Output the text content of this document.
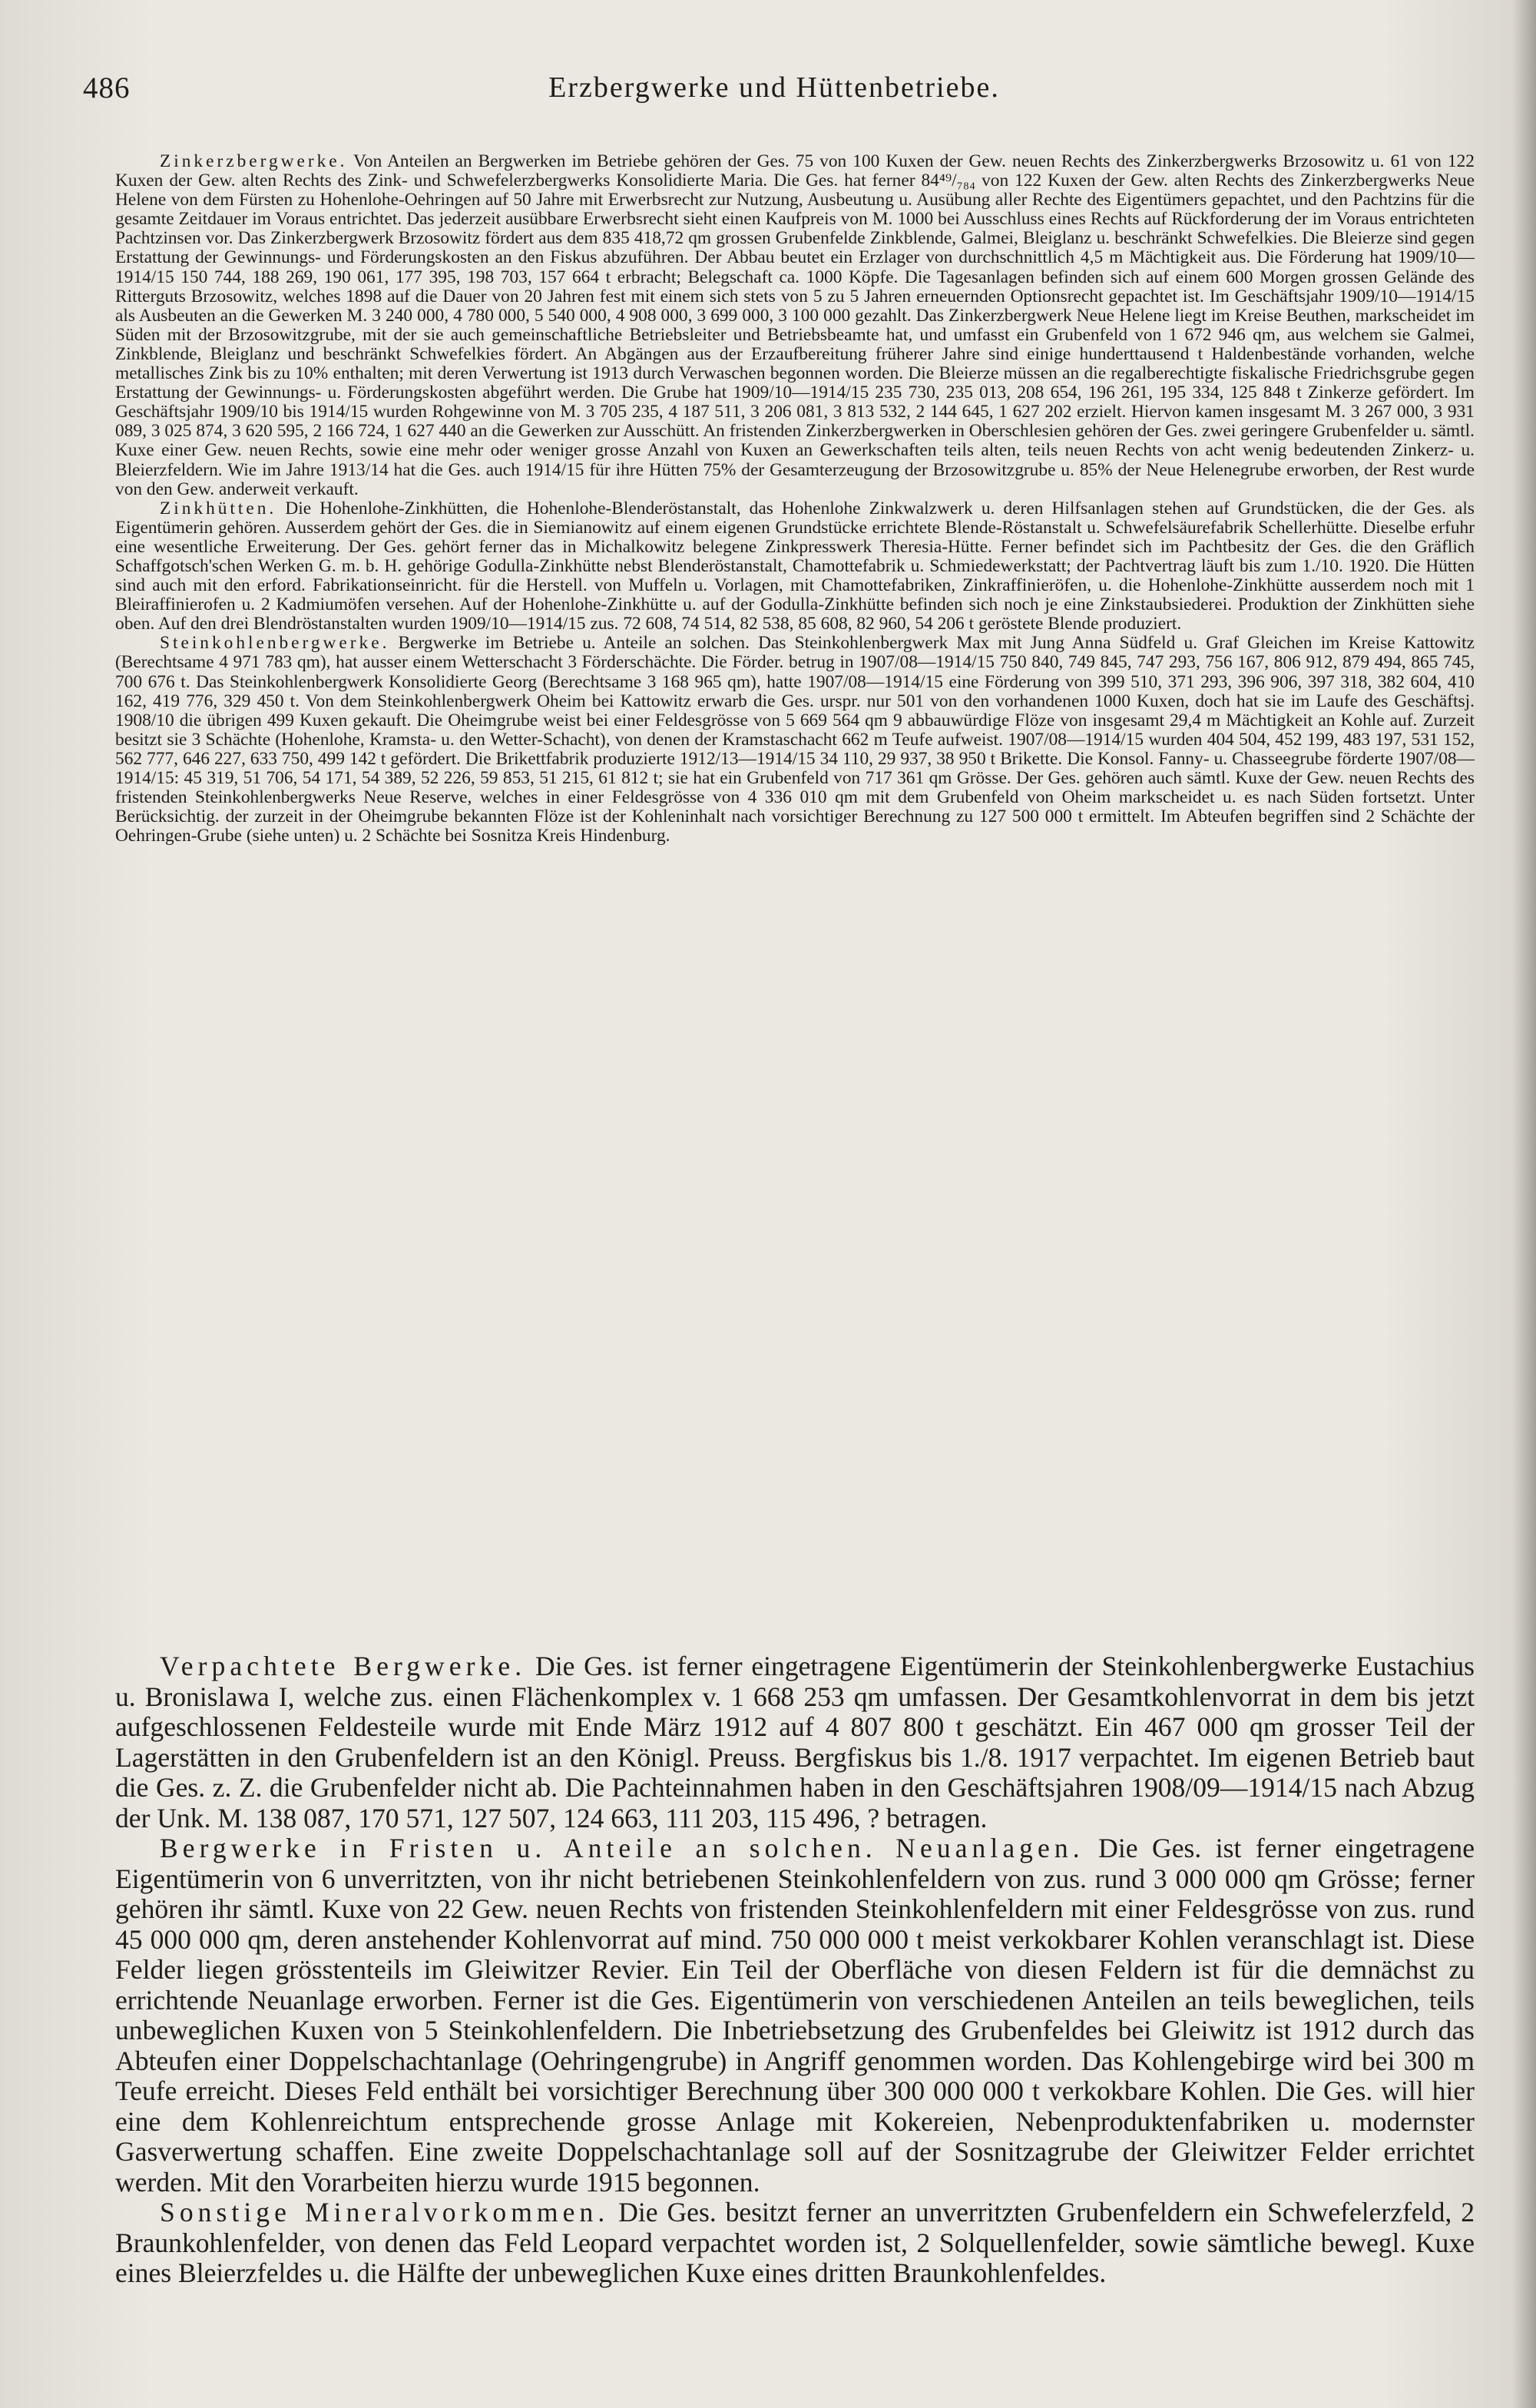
486	Erzbergwerke und Hüttenbetriebe.

Zinkerzbergwerke. Von Anteilen an Bergwerken im Betriebe gehören der Ges. 75 von 100 Kuxen der Gew. neuen Rechts des Zinkerzbergwerks Brzosowitz u. 61 von 122 Kuxen der Gew. alten Rechts des Zink- und Schwefelerzbergwerks Konsolidierte Maria. Die Ges. hat ferner 84⁴⁹/₇₈₄ von 122 Kuxen der Gew. alten Rechts des Zinkerzbergwerks Neue Helene von dem Fürsten zu Hohenlohe-Oehringen auf 50 Jahre mit Erwerbsrecht zur Nutzung, Ausbeutung u. Ausübung aller Rechte des Eigentümers gepachtet, und den Pachtzins für die gesamte Zeitdauer im Voraus entrichtet. Das jederzeit ausübbare Erwerbsrecht sieht einen Kaufpreis von M. 1000 bei Ausschluss eines Rechts auf Rückforderung der im Voraus entrichteten Pachtzinsen vor. Das Zinkerzbergwerk Brzosowitz fördert aus dem 835 418,72 qm grossen Grubenfelde Zinkblende, Galmei, Bleiglanz u. beschränkt Schwefelkies. Die Bleierze sind gegen Erstattung der Gewinnungs- und Förderungskosten an den Fiskus abzuführen. Der Abbau beutet ein Erzlager von durchschnittlich 4,5 m Mächtigkeit aus. Die Förderung hat 1909/10—1914/15 150 744, 188 269, 190 061, 177 395, 198 703, 157 664 t erbracht; Belegschaft ca. 1000 Köpfe. Die Tagesanlagen befinden sich auf einem 600 Morgen grossen Gelände des Ritterguts Brzosowitz, welches 1898 auf die Dauer von 20 Jahren fest mit einem sich stets von 5 zu 5 Jahren erneuernden Optionsrecht gepachtet ist. Im Geschäftsjahr 1909/10—1914/15 als Ausbeuten an die Gewerken M. 3 240 000, 4 780 000, 5 540 000, 4 908 000, 3 699 000, 3 100 000 gezahlt. Das Zinkerzbergwerk Neue Helene liegt im Kreise Beuthen, markscheidet im Süden mit der Brzosowitzgrube, mit der sie auch gemeinschaftliche Betriebsleiter und Betriebsbeamte hat, und umfasst ein Grubenfeld von 1 672 946 qm, aus welchem sie Galmei, Zinkblende, Bleiglanz und beschränkt Schwefelkies fördert. An Abgängen aus der Erzaufbereitung früherer Jahre sind einige hunderttausend t Haldenbestände vorhanden, welche metallisches Zink bis zu 10% enthalten; mit deren Verwertung ist 1913 durch Verwaschen begonnen worden. Die Bleierze müssen an die regalberechtigte fiskalische Friedrichsgrube gegen Erstattung der Gewinnungs- u. Förderungskosten abgeführt werden. Die Grube hat 1909/10—1914/15 235 730, 235 013, 208 654, 196 261, 195 334, 125 848 t Zinkerze gefördert. Im Geschäftsjahr 1909/10 bis 1914/15 wurden Rohgewinne von M. 3 705 235, 4 187 511, 3 206 081, 3 813 532, 2 144 645, 1 627 202 erzielt. Hiervon kamen insgesamt M. 3 267 000, 3 931 089, 3 025 874, 3 620 595, 2 166 724, 1 627 440 an die Gewerken zur Ausschütt. An fristenden Zinkerzbergwerken in Oberschlesien gehören der Ges. zwei geringere Grubenfelder u. sämtl. Kuxe einer Gew. neuen Rechts, sowie eine mehr oder weniger grosse Anzahl von Kuxen an Gewerkschaften teils alten, teils neuen Rechts von acht wenig bedeutenden Zinkerz- u. Bleierzfeldern. Wie im Jahre 1913/14 hat die Ges. auch 1914/15 für ihre Hütten 75% der Gesamterzeugung der Brzosowitzgrube u. 85% der Neue Helenegrube erworben, der Rest wurde von den Gew. anderweit verkauft.

Zinkhütten. Die Hohenlohe-Zinkhütten, die Hohenlohe-Blenderöstanstalt, das Hohenlohe Zinkwalzwerk u. deren Hilfsanlagen stehen auf Grundstücken, die der Ges. als Eigentümerin gehören. Ausserdem gehört der Ges. die in Siemianowitz auf einem eigenen Grundstücke errichtete Blende-Röstanstalt u. Schwefelsäurefabrik Schellerhütte. Dieselbe erfuhr eine wesentliche Erweiterung. Der Ges. gehört ferner das in Michalkowitz belegene Zinkpresswerk Theresia-Hütte. Ferner befindet sich im Pachtbesitz der Ges. die den Gräflich Schaffgotsch'schen Werken G. m. b. H. gehörige Godulla-Zinkhütte nebst Blenderöstanstalt, Chamottefabrik u. Schmiedewerkstatt; der Pachtvertrag läuft bis zum 1./10. 1920. Die Hütten sind auch mit den erford. Fabrikationseinricht. für die Herstell. von Muffeln u. Vorlagen, mit Chamottefabriken, Zinkraffinieröfen, u. die Hohenlohe-Zinkhütte ausserdem noch mit 1 Bleiraffinierofen u. 2 Kadmiumöfen versehen. Auf der Hohenlohe-Zinkhütte u. auf der Godulla-Zinkhütte befinden sich noch je eine Zinkstaubsiederei. Produktion der Zinkhütten siehe oben. Auf den drei Blendröstanstalten wurden 1909/10—1914/15 zus. 72 608, 74 514, 82 538, 85 608, 82 960, 54 206 t geröstete Blende produziert.

Steinkohlenbergwerke. Bergwerke im Betriebe u. Anteile an solchen. Das Steinkohlenbergwerk Max mit Jung Anna Südfeld u. Graf Gleichen im Kreise Kattowitz (Berechtsame 4 971 783 qm), hat ausser einem Wetterschacht 3 Förderschächte. Die Förder. betrug in 1907/08—1914/15 750 840, 749 845, 747 293, 756 167, 806 912, 879 494, 865 745, 700 676 t. Das Steinkohlenbergwerk Konsolidierte Georg (Berechtsame 3 168 965 qm), hatte 1907/08—1914/15 eine Förderung von 399 510, 371 293, 396 906, 397 318, 382 604, 410 162, 419 776, 329 450 t. Von dem Steinkohlenbergwerk Oheim bei Kattowitz erwarb die Ges. urspr. nur 501 von den vorhandenen 1000 Kuxen, doch hat sie im Laufe des Geschäftsj. 1908/10 die übrigen 499 Kuxen gekauft. Die Oheimgrube weist bei einer Feldesgrösse von 5 669 564 qm 9 abbauwürdige Flöze von insgesamt 29,4 m Mächtigkeit an Kohle auf. Zurzeit besitzt sie 3 Schächte (Hohenlohe, Kramsta- u. den Wetter-Schacht), von denen der Kramstaschacht 662 m Teufe aufweist. 1907/08—1914/15 wurden 404 504, 452 199, 483 197, 531 152, 562 777, 646 227, 633 750, 499 142 t gefördert. Die Brikettfabrik produzierte 1912/13—1914/15 34 110, 29 937, 38 950 t Brikette. Die Konsol. Fanny- u. Chasseegrube förderte 1907/08—1914/15: 45 319, 51 706, 54 171, 54 389, 52 226, 59 853, 51 215, 61 812 t; sie hat ein Grubenfeld von 717 361 qm Grösse. Der Ges. gehören auch sämtl. Kuxe der Gew. neuen Rechts des fristenden Steinkohlenbergwerks Neue Reserve, welches in einer Feldesgrösse von 4 336 010 qm mit dem Grubenfeld von Oheim markscheidet u. es nach Süden fortsetzt. Unter Berücksichtig. der zurzeit in der Oheimgrube bekannten Flöze ist der Kohleninhalt nach vorsichtiger Berechnung zu 127 500 000 t ermittelt. Im Abteufen begriffen sind 2 Schächte der Oehringen-Grube (siehe unten) u. 2 Schächte bei Sosnitza Kreis Hindenburg.

Verpachtete Bergwerke. Die Ges. ist ferner eingetragene Eigentümerin der Steinkohlenbergwerke Eustachius u. Bronislawa I, welche zus. einen Flächenkomplex v. 1 668 253 qm umfassen. Der Gesamtkohlenvorrat in dem bis jetzt aufgeschlossenen Feldesteile wurde mit Ende März 1912 auf 4 807 800 t geschätzt. Ein 467 000 qm grosser Teil der Lagerstätten in den Grubenfeldern ist an den Königl. Preuss. Bergfiskus bis 1./8. 1917 verpachtet. Im eigenen Betrieb baut die Ges. z. Z. die Grubenfelder nicht ab. Die Pachteinnahmen haben in den Geschäftsjahren 1908/09—1914/15 nach Abzug der Unk. M. 138 087, 170 571, 127 507, 124 663, 111 203, 115 496, ? betragen.

Bergwerke in Fristen u. Anteile an solchen. Neuanlagen. Die Ges. ist ferner eingetragene Eigentümerin von 6 unverritzten, von ihr nicht betriebenen Steinkohlenfeldern von zus. rund 3 000 000 qm Grösse; ferner gehören ihr sämtl. Kuxe von 22 Gew. neuen Rechts von fristenden Steinkohlenfeldern mit einer Feldesgrösse von zus. rund 45 000 000 qm, deren anstehender Kohlenvorrat auf mind. 750 000 000 t meist verkokbarer Kohlen veranschlagt ist. Diese Felder liegen grösstenteils im Gleiwitzer Revier. Ein Teil der Oberfläche von diesen Feldern ist für die demnächst zu errichtende Neuanlage erworben. Ferner ist die Ges. Eigentümerin von verschiedenen Anteilen an teils beweglichen, teils unbeweglichen Kuxen von 5 Steinkohlenfeldern. Die Inbetriebsetzung des Grubenfeldes bei Gleiwitz ist 1912 durch das Abteufen einer Doppelschachtanlage (Oehringengrube) in Angriff genommen worden. Das Kohlengebirge wird bei 300 m Teufe erreicht. Dieses Feld enthält bei vorsichtiger Berechnung über 300 000 000 t verkokbare Kohlen. Die Ges. will hier eine dem Kohlenreichtum entsprechende grosse Anlage mit Kokereien, Nebenproduktenfabriken u. modernster Gasverwertung schaffen. Eine zweite Doppelschachtanlage soll auf der Sosnitzagrube der Gleiwitzer Felder errichtet werden. Mit den Vorarbeiten hierzu wurde 1915 begonnen.

Sonstige Mineralvorkommen. Die Ges. besitzt ferner an unverritzten Grubenfeldern ein Schwefelerzfeld, 2 Braunkohlenfelder, von denen das Feld Leopard verpachtet worden ist, 2 Solquellenfelder, sowie sämtliche bewegl. Kuxe eines Bleierzfeldes u. die Hälfte der unbeweglichen Kuxe eines dritten Braunkohlenfeldes.
